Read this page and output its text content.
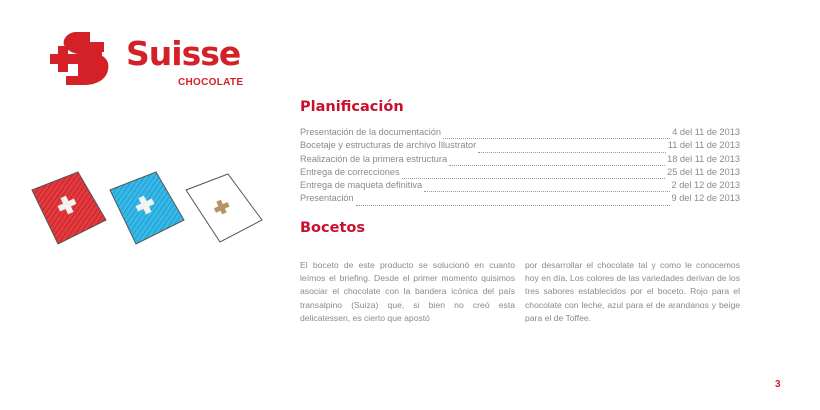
Suisse
CHOCOLATE
Planificación
Presentación de la documentación	4 del 11 de 2013
Bocetaje y estructuras de archivo Illustrator	11 del 11 de 2013
Realización de la primera estructura	18 del 11 de 2013
Entrega de correcciones	25 del 11 de 2013
Entrega de maqueta definitiva	2 del 12 de 2013
Presentación	9 del 12 de 2013
Bocetos

El boceto de este producto se solucionó en cuanto leímos el briefing. Desde el primer momento quisimos asociar el chocolate con la bandera icónica del país transalpino (Suiza) que, si bien no creó esta delicatessen, es cierto que apostó

por desarrollar el chocolate tal y como le conocemos hoy en día. Los colores de las variedades derivan de los tres sabores establecidos por el boceto. Rojo para el chocolate con leche, azul para el de arandanos y beige para el de Toffee.

3
